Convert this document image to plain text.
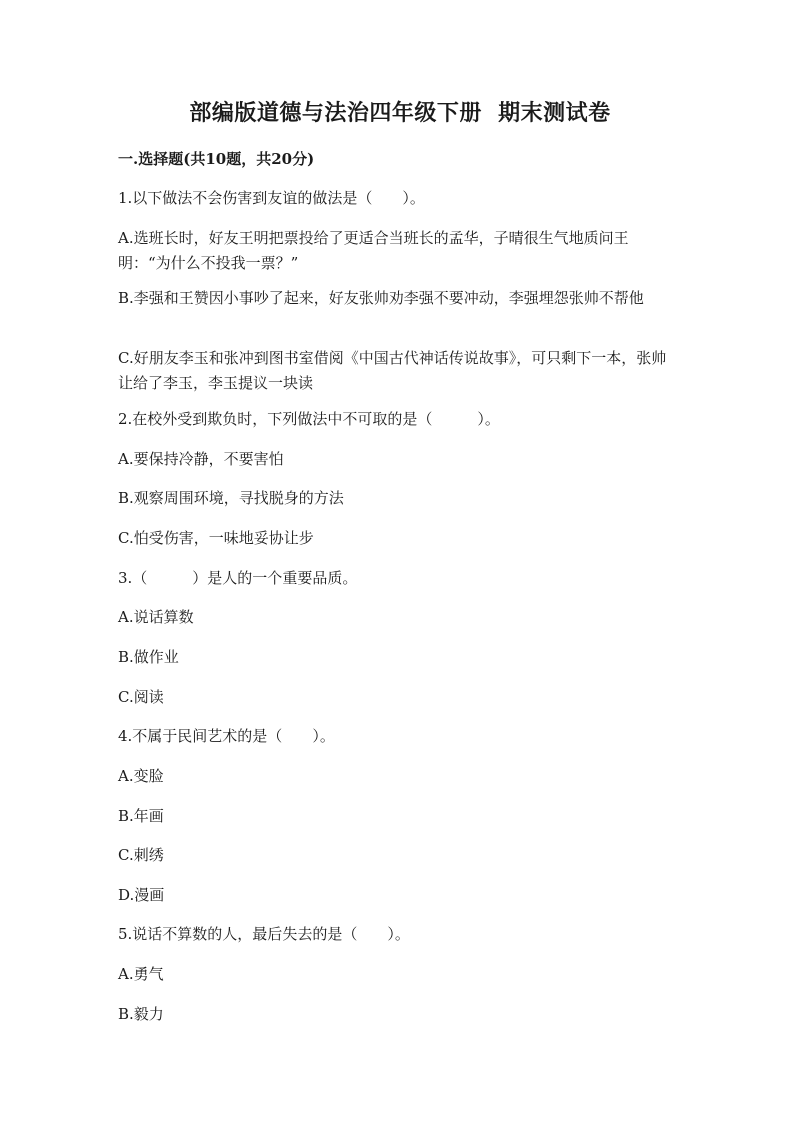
部编版道德与法治四年级下册  期末测试卷
一.选择题(共10题，共20分)
1.以下做法不会伤害到友谊的做法是（　　）。
A.选班长时，好友王明把票投给了更适合当班长的孟华，子晴很生气地质问王明：“为什么不投我一票？”
B.李强和王赞因小事吵了起来，好友张帅劝李强不要冲动，李强埋怨张帅不帮他
C.好朋友李玉和张冲到图书室借阅《中国古代神话传说故事》，可只剩下一本，张帅让给了李玉，李玉提议一块读
2.在校外受到欺负时，下列做法中不可取的是（　　　）。
A.要保持冷静，不要害怕
B.观察周围环境，寻找脱身的方法
C.怕受伤害，一味地妥协让步
3.（　　　）是人的一个重要品质。
A.说话算数
B.做作业
C.阅读
4.不属于民间艺术的是（　　）。
A.变脸
B.年画
C.刺绣
D.漫画
5.说话不算数的人，最后失去的是（　　）。
A.勇气
B.毅力
